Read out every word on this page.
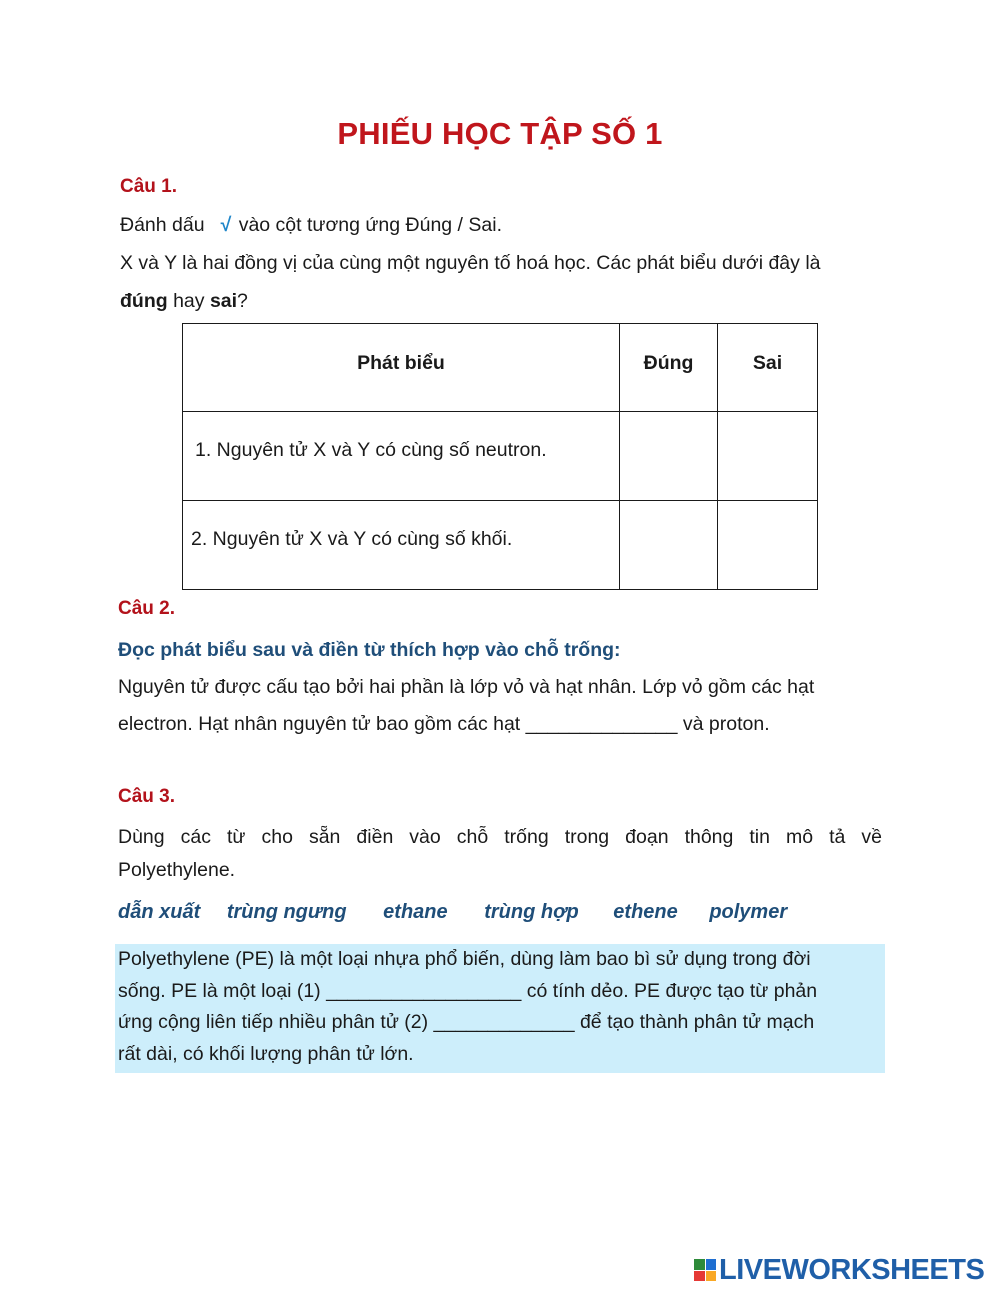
PHIẾU HỌC TẬP SỐ 1
Câu 1.
Đánh dấu √ vào cột tương ứng Đúng / Sai.
X và Y là hai đồng vị của cùng một nguyên tố hoá học. Các phát biểu dưới đây là
đúng hay sai?
Phát biểu	Đúng	Sai
1. Nguyên tử X và Y có cùng số neutron.		
2. Nguyên tử X và Y có cùng số khối.		
Câu 2.
Đọc phát biểu sau và điền từ thích hợp vào chỗ trống:
Nguyên tử được cấu tạo bởi hai phần là lớp vỏ và hạt nhân. Lớp vỏ gồm các hạt
electron. Hạt nhân nguyên tử bao gồm các hạt ______________ và proton.
Câu 3.
Dùng các từ cho sẵn điền vào chỗ trống trong đoạn thông tin mô tả về
Polyethylene.
dẫn xuất trùng ngưng ethane trùng hợp ethene polymer
Polyethylene (PE) là một loại nhựa phổ biến, dùng làm bao bì sử dụng trong đời
sống. PE là một loại (1) __________________ có tính dẻo. PE được tạo từ phản
ứng cộng liên tiếp nhiều phân tử (2) _____________ để tạo thành phân tử mạch
rất dài, có khối lượng phân tử lớn.
LIVEWORKSHEETS
